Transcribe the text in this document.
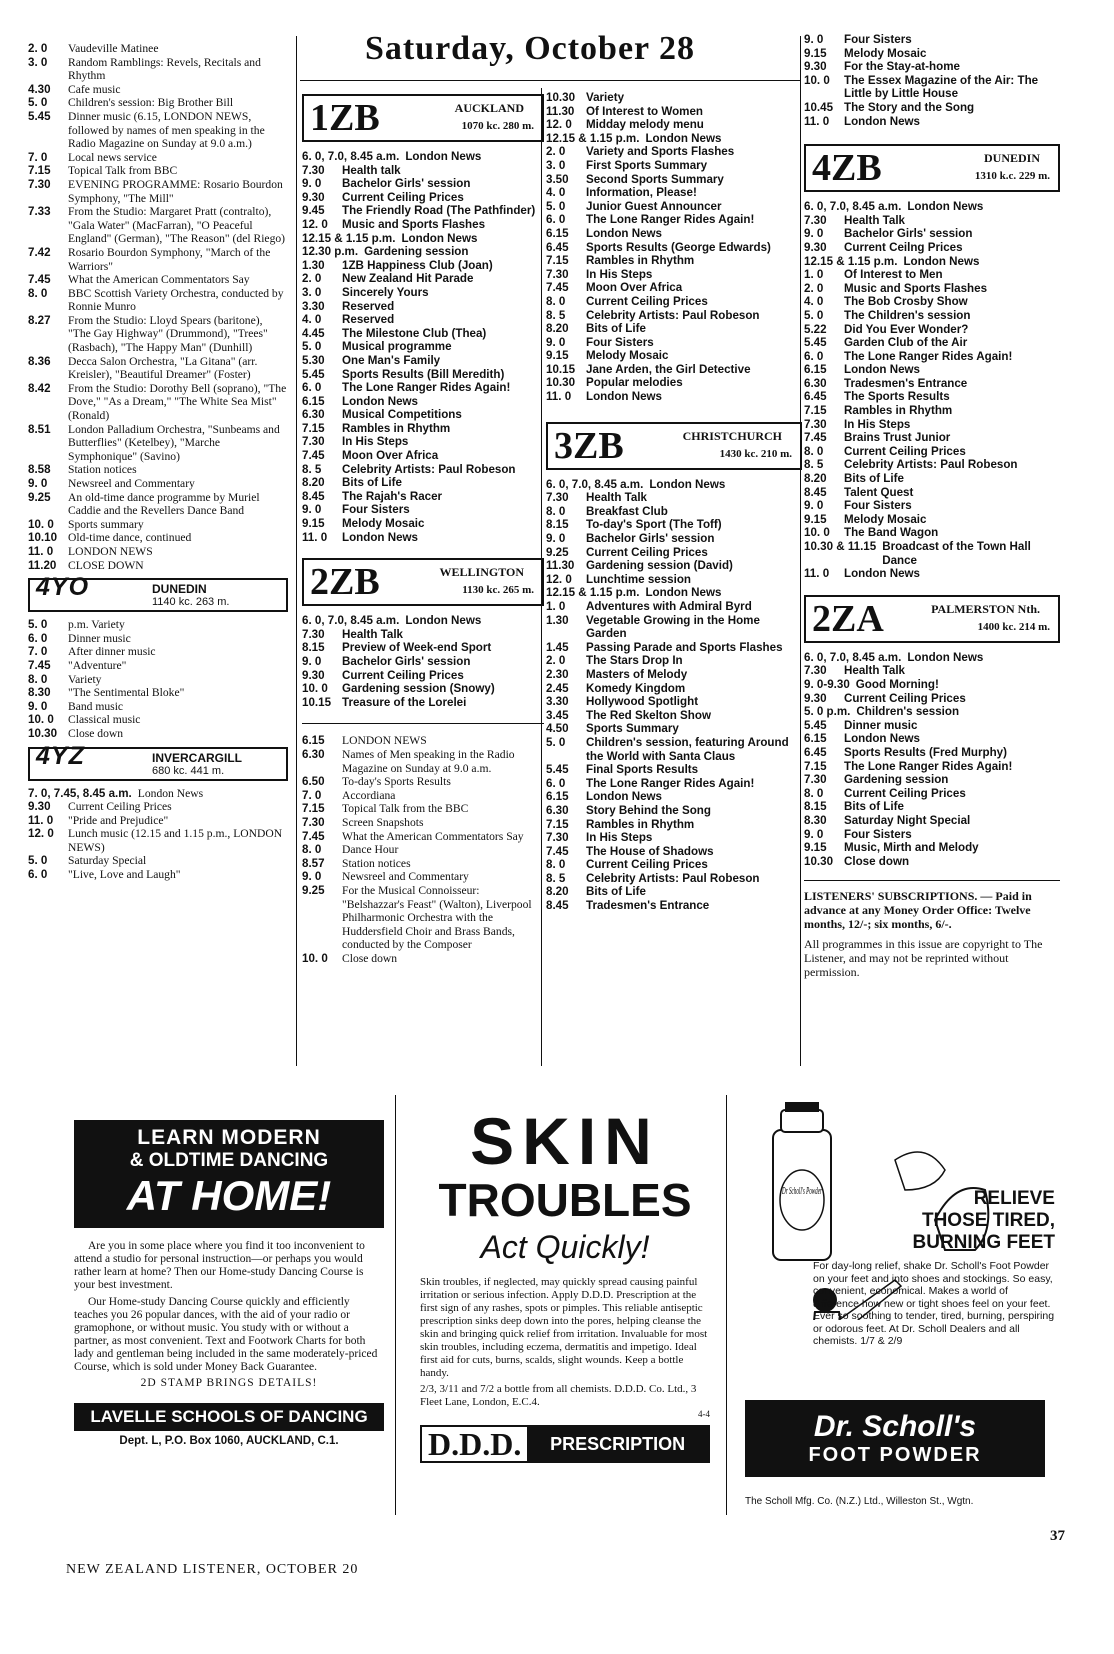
Saturday, October 28
2. 0	Vaudeville Matinee
3. 0	Random Ramblings: Revels, Recitals and Rhythm
4.30	Cafe music
5. 0	Children's session: Big Brother Bill
5.45	Dinner music (6.15, LONDON NEWS, followed by names of men speaking in the Radio Magazine on Sunday at 9.0 a.m.)
7. 0	Local news service
7.15	Topical Talk from BBC
7.30	EVENING PROGRAMME: Rosario Bourdon Symphony, "The Mill"
7.33	From the Studio: Margaret Pratt (contralto), "Gala Water" (MacFarran), "O Peaceful England" (German), "The Reason" (del Riego)
7.42	Rosario Bourdon Symphony, "March of the Warriors"
7.45	What the American Commentators Say
8. 0	BBC Scottish Variety Orchestra, conducted by Ronnie Munro
8.27	From the Studio: Lloyd Spears (baritone), "The Gay Highway" (Drummond), "Trees" (Rasbach), "The Happy Man" (Dunhill)
8.36	Decca Salon Orchestra, "La Gitana" (arr. Kreisler), "Beautiful Dreamer" (Foster)
8.42	From the Studio: Dorothy Bell (soprano), "The Dove," "As a Dream," "The White Sea Mist" (Ronald)
8.51	London Palladium Orchestra, "Sunbeams and Butterflies" (Ketelbey), "Marche Symphonique" (Savino)
8.58	Station notices
9. 0	Newsreel and Commentary
9.25	An old-time dance programme by Muriel Caddie and the Revellers Dance Band
10. 0	Sports summary
10.10 Old-time dance, continued
11. 0	LONDON NEWS
11.20	CLOSE DOWN
4YO	DUNEDIN
1140 kc. 263 m.
5. 0	p.m. Variety
6. 0	Dinner music
7. 0	After dinner music
7.45	"Adventure"
8. 0	Variety
8.30	"The Sentimental Bloke"
9. 0	Band music
10. 0	Classical music
10.30 Close down
4YZ	INVERCARGILL
680 kc. 441 m.
7. 0, 7.45, 8.45 a.m. London News
9.30	Current Ceiling Prices
11. 0	"Pride and Prejudice"
12. 0	Lunch music (12.15 and 1.15 p.m., LONDON NEWS)
5. 0	Saturday Special
6. 0	"Live, Love and Laugh"
1ZB	AUCKLAND
1070 kc. 280 m.
6. 0, 7.0, 8.45 a.m. London News
7.30	Health talk
9. 0	Bachelor Girls' session
9.30	Current Ceiling Prices
9.45	The Friendly Road (The Pathfinder)
12. 0	Music and Sports Flashes
12.15 & 1.15 p.m. London News
12.30 p.m. Gardening session
1.30	1ZB Happiness Club (Joan)
2. 0	New Zealand Hit Parade
3. 0	Sincerely Yours
3.30	Reserved
4. 0	Reserved
4.45	The Milestone Club (Thea)
5. 0	Musical programme
5.30	One Man's Family
5.45	Sports Results (Bill Meredith)
6. 0	The Lone Ranger Rides Again!
6.15	London News
6.30	Musical Competitions
7.15	Rambles in Rhythm
7.30	In His Steps
7.45	Moon Over Africa
8. 5	Celebrity Artists: Paul Robeson
8.20	Bits of Life
8.45	The Rajah's Racer
9. 0	Four Sisters
9.15	Melody Mosaic
11. 0	London News
2ZB	WELLINGTON
1130 kc. 265 m.
6. 0, 7.0, 8.45 a.m. London News
7.30	Health Talk
8.15	Preview of Week-end Sport
9. 0	Bachelor Girls' session
9.30	Current Ceiling Prices
10. 0	Gardening session (Snowy)
10.15 Treasure of the Lorelei
6.15	LONDON NEWS
6.30	Names of Men speaking in the Radio Magazine on Sunday at 9.0 a.m.
6.50	To-day's Sports Results
7. 0	Accordiana
7.15	Topical Talk from the BBC
7.30	Screen Snapshots
7.45	What the American Commentators Say
8. 0	Dance Hour
8.57	Station notices
9. 0	Newsreel and Commentary
9.25	For the Musical Connoisseur: "Belshazzar's Feast" (Walton), Liverpool Philharmonic Orchestra with the Huddersfield Choir and Brass Bands, conducted by the Composer
10. 0	Close down
10.30 Variety
11.30	Of Interest to Women
12. 0	Midday melody menu
12.15 & 1.15 p.m. London News
2. 0	Variety and Sports Flashes
3. 0	First Sports Summary
3.50	Second Sports Summary
4. 0	Information, Please!
5. 0	Junior Guest Announcer
6. 0	The Lone Ranger Rides Again!
6.15	London News
6.45	Sports Results (George Edwards)
7.15	Rambles in Rhythm
7.30	In His Steps
7.45	Moon Over Africa
8. 0	Current Ceiling Prices
8. 5	Celebrity Artists: Paul Robeson
8.20	Bits of Life
9. 0	Four Sisters
9.15	Melody Mosaic
10.15 Jane Arden, the Girl Detective
10.30 Popular melodies
11. 0	London News
3ZB	CHRISTCHURCH
1430 kc. 210 m.
6. 0, 7.0, 8.45 a.m. London News
7.30	Health Talk
8. 0	Breakfast Club
8.15	To-day's Sport (The Toff)
9. 0	Bachelor Girls' session
9.25	Current Ceiling Prices
11.30	Gardening session (David)
12. 0	Lunchtime session
12.15 & 1.15 p.m. London News
1. 0	Adventures with Admiral Byrd
1.30	Vegetable Growing in the Home Garden
1.45	Passing Parade and Sports Flashes
2. 0	The Stars Drop In
2.30	Masters of Melody
2.45	Komedy Kingdom
3.30	Hollywood Spotlight
3.45	The Red Skelton Show
4.50	Sports Summary
5. 0	Children's session, featuring Around the World with Santa Claus
5.45	Final Sports Results
6. 0	The Lone Ranger Rides Again!
6.15	London News
6.30	Story Behind the Song
7.15	Rambles in Rhythm
7.30	In His Steps
7.45	The House of Shadows
8. 0	Current Ceiling Prices
8. 5	Celebrity Artists: Paul Robeson
8.20	Bits of Life
8.45	Tradesmen's Entrance
9. 0	Four Sisters
9.15	Melody Mosaic
9.30	For the Stay-at-home
10. 0	The Essex Magazine of the Air: The Little by Little House
10.45 The Story and the Song
11. 0	London News
4ZB	DUNEDIN
1310 k.c. 229 m.
6. 0, 7.0, 8.45 a.m. London News
7.30	Health Talk
9. 0	Bachelor Girls' session
9.30	Current Ceilng Prices
12.15 & 1.15 p.m. London News
1. 0	Of Interest to Men
2. 0	Music and Sports Flashes
4. 0	The Bob Crosby Show
5. 0	The Children's session
5.22	Did You Ever Wonder?
5.45	Garden Club of the Air
6. 0	The Lone Ranger Rides Again!
6.15	London News
6.30	Tradesmen's Entrance
6.45	The Sports Results
7.15	Rambles in Rhythm
7.30	In His Steps
7.45	Brains Trust Junior
8. 0	Current Ceiling Prices
8. 5	Celebrity Artists: Paul Robeson
8.20	Bits of Life
8.45	Talent Quest
9. 0	Four Sisters
9.15	Melody Mosaic
10. 0	The Band Wagon
10.30 & 11.15 Broadcast of the Town Hall Dance
11. 0	London News
2ZA	PALMERSTON Nth.
1400 kc. 214 m.
6. 0, 7.0, 8.45 a.m. London News
7.30	Health Talk
9. 0-9.30 Good Morning!
9.30	Current Ceiling Prices
5. 0 p.m. Children's session
5.45	Dinner music
6.15	London News
6.45	Sports Results (Fred Murphy)
7.15	The Lone Ranger Rides Again!
7.30	Gardening session
8. 0	Current Ceiling Prices
8.15	Bits of Life
8.30	Saturday Night Special
9. 0	Four Sisters
9.15	Music, Mirth and Melody
10.30 Close down
LISTENERS' SUBSCRIPTIONS. — Paid in advance at any Money Order Office: Twelve months, 12/-; six months, 6/-.
All programmes in this issue are copyright to The Listener, and may not be reprinted without permission.
LEARN MODERN
& OLDTIME DANCING
AT HOME!
Are you in some place where you find it too inconvenient to attend a studio for personal instruction—or perhaps you would rather learn at home? Then our Home-study Dancing Course is your best investment.
Our Home-study Dancing Course quickly and efficiently teaches you 26 popular dances, with the aid of your radio or gramophone, or without music. You study with or without a partner, as most convenient. Text and Footwork Charts for both lady and gentleman being included in the same moderately-priced Course, which is sold under Money Back Guarantee.
2D STAMP BRINGS DETAILS!
LAVELLE SCHOOLS OF DANCING
Dept. L, P.O. Box 1060, AUCKLAND, C.1.
SKIN
TROUBLES
Act Quickly!
Skin troubles, if neglected, may quickly spread causing painful irritation or serious infection. Apply D.D.D. Prescription at the first sign of any rashes, spots or pimples. This reliable antiseptic prescription sinks deep down into the pores, helping cleanse the skin and bringing quick relief from irritation. Invaluable for most skin troubles, including eczema, dermatitis and impetigo. Ideal first aid for cuts, burns, scalds, slight wounds. Keep a bottle handy.
2/3, 3/11 and 7/2 a bottle from all chemists. D.D.D. Co. Ltd., 3 Fleet Lane, London, E.C.4.
4-4
D.D.D.	PRESCRIPTION
Dr Scholl's Powder	RELIEVE
THOSE TIRED,
BURNING FEET
For day-long relief, shake Dr. Scholl's Foot Powder on your feet and into shoes and stockings. So easy, convenient, economical. Makes a world of difference how new or tight shoes feel on your feet. Ever so soothing to tender, tired, burning, perspiring or odorous feet. At Dr. Scholl Dealers and all chemists. 1/7 & 2/9
Dr. Scholl's
FOOT POWDER
The Scholl Mfg. Co. (N.Z.) Ltd., Willeston St., Wgtn.
NEW ZEALAND LISTENER, OCTOBER 20
37
